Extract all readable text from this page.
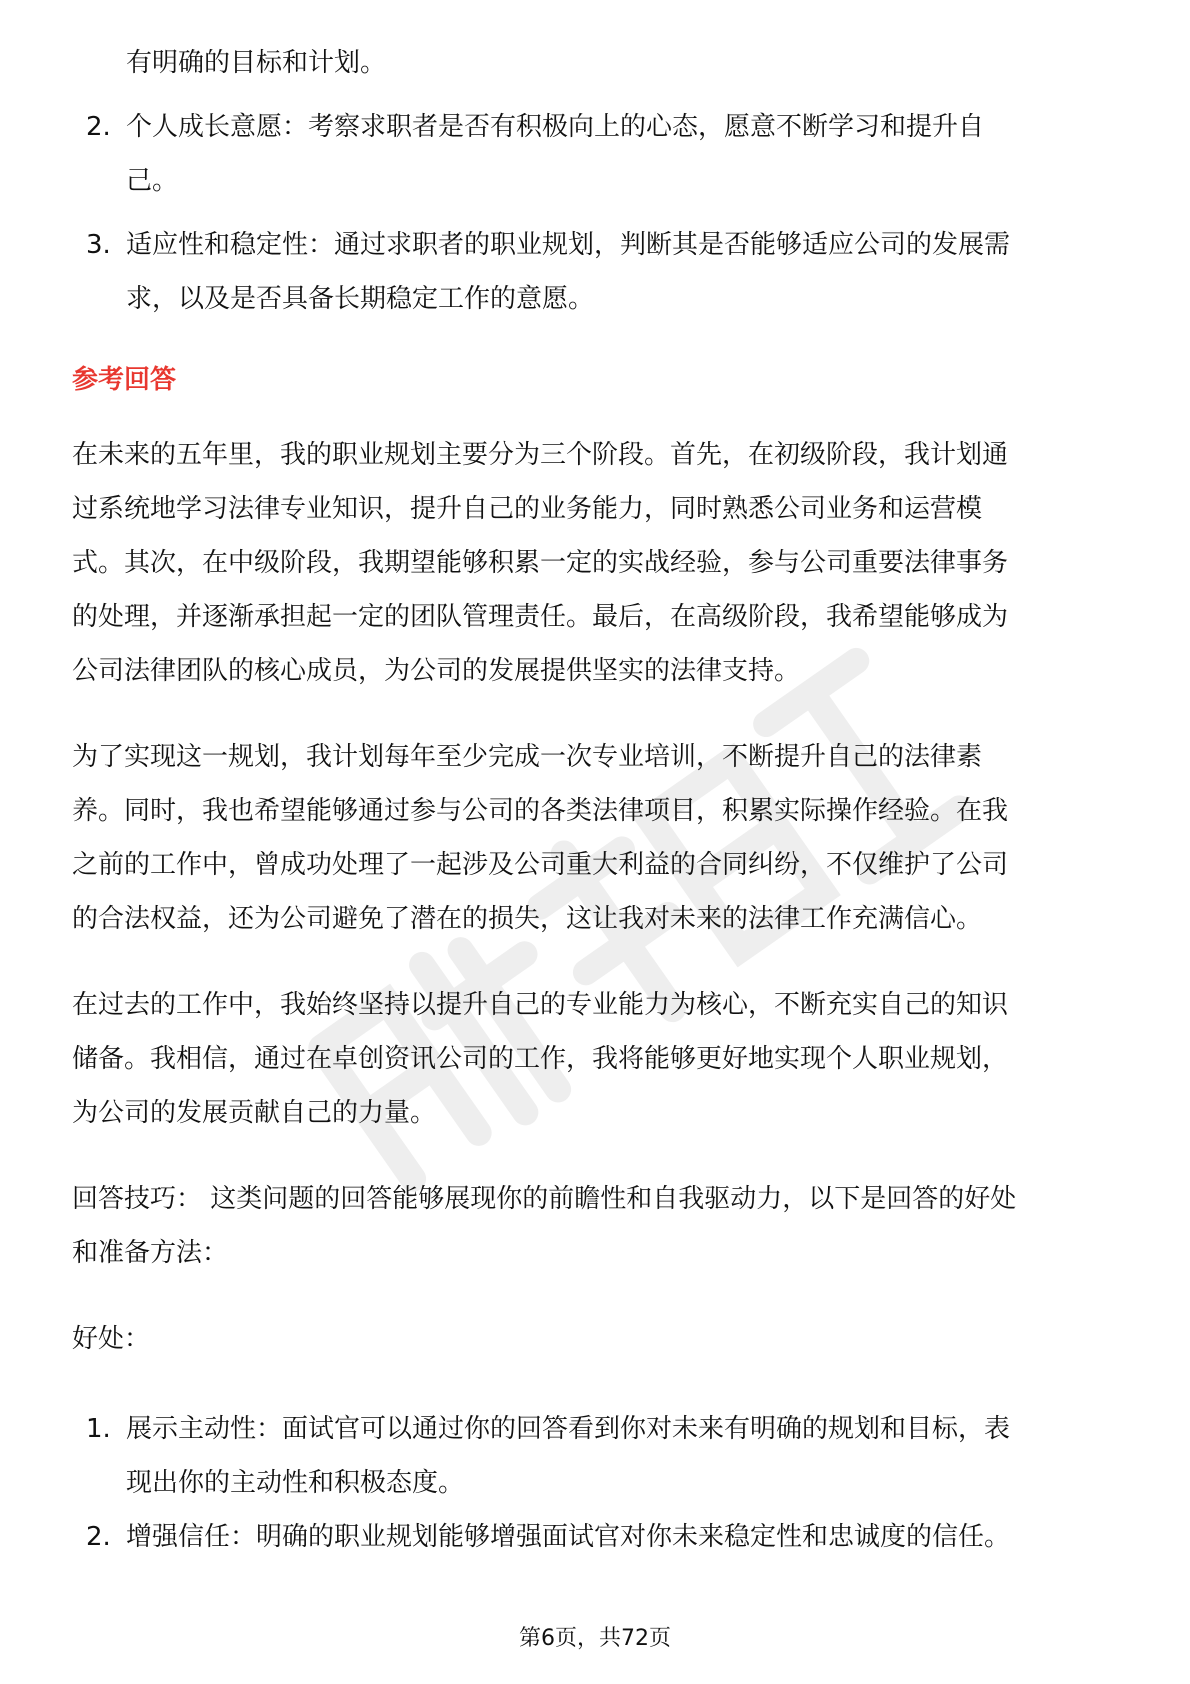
有明确的目标和计划。
2. 个人成长意愿：考察求职者是否有积极向上的心态，愿意不断学习和提升自
己。
3. 适应性和稳定性：通过求职者的职业规划，判断其是否能够适应公司的发展需
求，以及是否具备长期稳定工作的意愿。
参考回答
在未来的五年里，我的职业规划主要分为三个阶段。首先，在初级阶段，我计划通
过系统地学习法律专业知识，提升自己的业务能力，同时熟悉公司业务和运营模
式。其次，在中级阶段，我期望能够积累一定的实战经验，参与公司重要法律事务
的处理，并逐渐承担起一定的团队管理责任。最后，在高级阶段，我希望能够成为
公司法律团队的核心成员，为公司的发展提供坚实的法律支持。
为了实现这一规划，我计划每年至少完成一次专业培训，不断提升自己的法律素
养。同时，我也希望能够通过参与公司的各类法律项目，积累实际操作经验。在我
之前的工作中，曾成功处理了一起涉及公司重大利益的合同纠纷，不仅维护了公司
的合法权益，还为公司避免了潜在的损失，这让我对未来的法律工作充满信心。
在过去的工作中，我始终坚持以提升自己的专业能力为核心，不断充实自己的知识
储备。我相信，通过在卓创资讯公司的工作，我将能够更好地实现个人职业规划，
为公司的发展贡献自己的力量。
回答技巧： 这类问题的回答能够展现你的前瞻性和自我驱动力，以下是回答的好处
和准备方法：
好处：
1. 展示主动性：面试官可以通过你的回答看到你对未来有明确的规划和目标，表
现出你的主动性和积极态度。
2. 增强信任：明确的职业规划能够增强面试官对你未来稳定性和忠诚度的信任。
第6页，共72页
